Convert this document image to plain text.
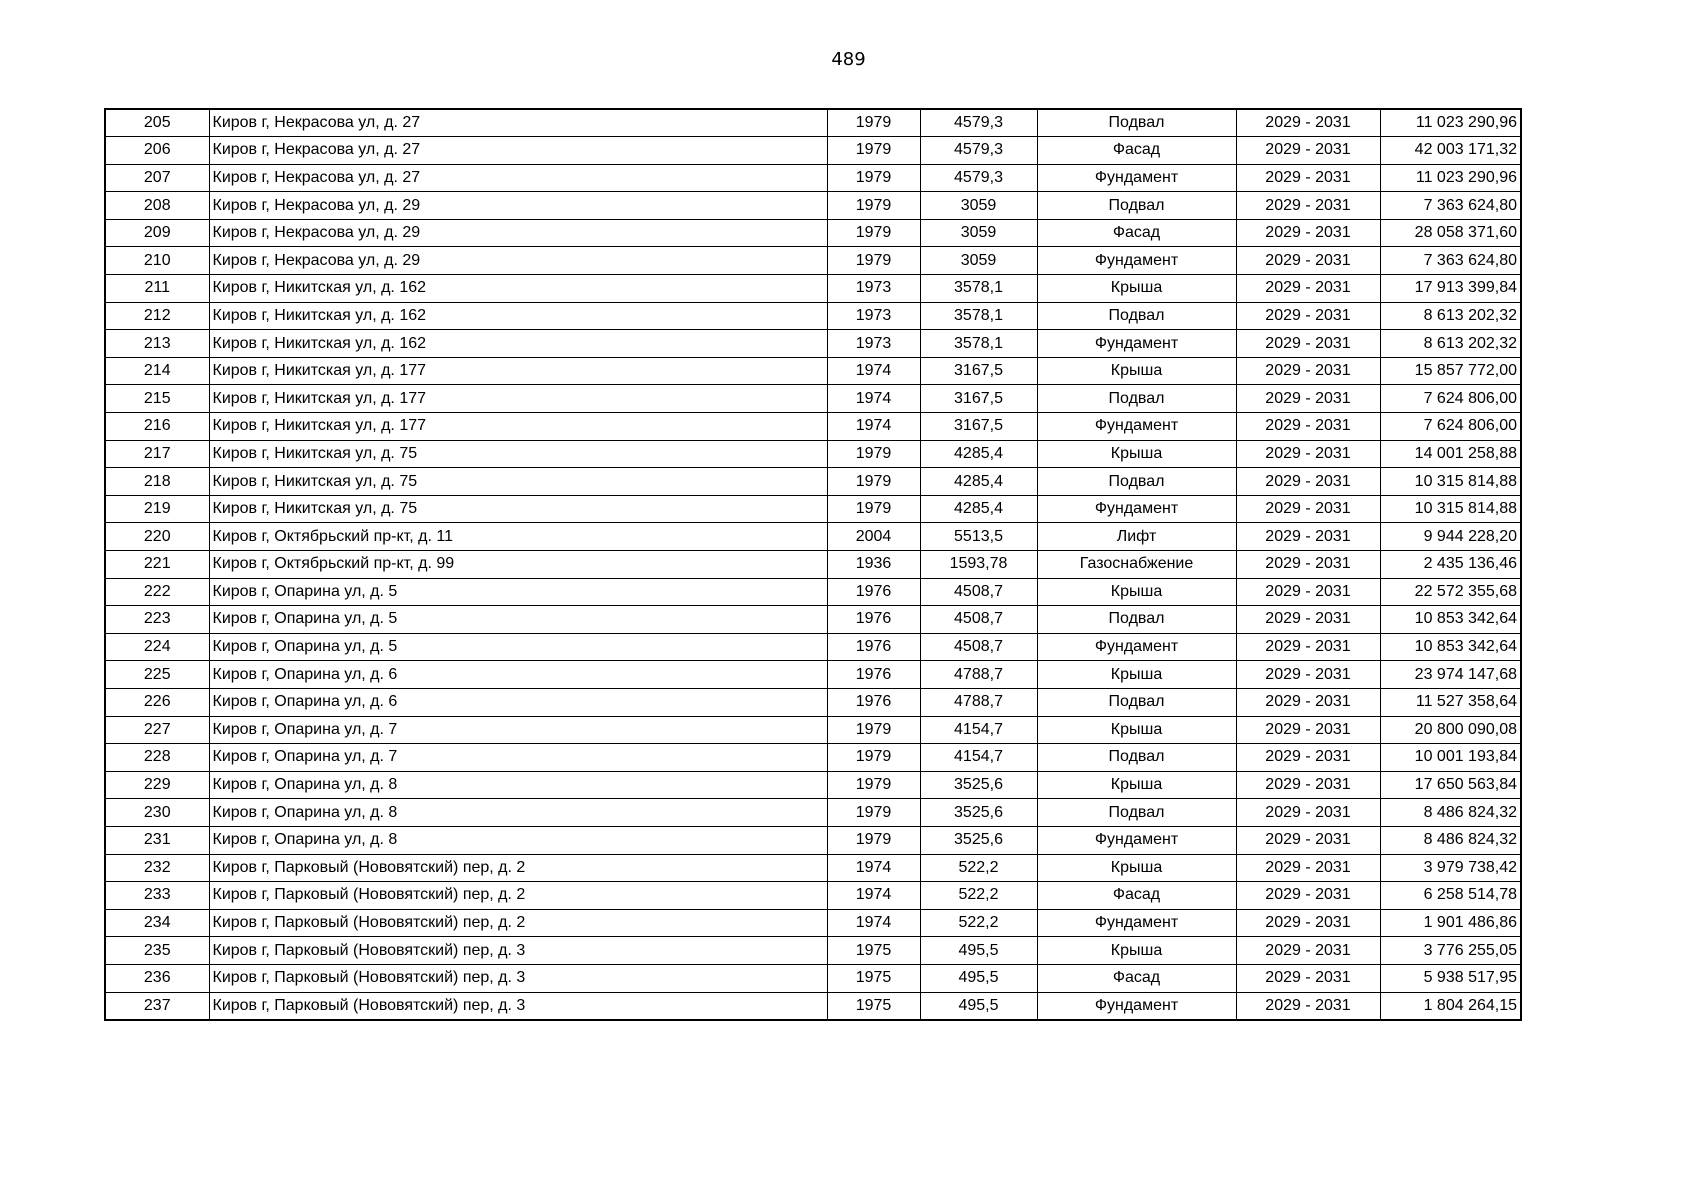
489
205	Киров г, Некрасова ул, д. 27	1979	4579,3	Подвал	2029 - 2031	11 023 290,96
206	Киров г, Некрасова ул, д. 27	1979	4579,3	Фасад	2029 - 2031	42 003 171,32
207	Киров г, Некрасова ул, д. 27	1979	4579,3	Фундамент	2029 - 2031	11 023 290,96
208	Киров г, Некрасова ул, д. 29	1979	3059	Подвал	2029 - 2031	7 363 624,80
209	Киров г, Некрасова ул, д. 29	1979	3059	Фасад	2029 - 2031	28 058 371,60
210	Киров г, Некрасова ул, д. 29	1979	3059	Фундамент	2029 - 2031	7 363 624,80
211	Киров г, Никитская ул, д. 162	1973	3578,1	Крыша	2029 - 2031	17 913 399,84
212	Киров г, Никитская ул, д. 162	1973	3578,1	Подвал	2029 - 2031	8 613 202,32
213	Киров г, Никитская ул, д. 162	1973	3578,1	Фундамент	2029 - 2031	8 613 202,32
214	Киров г, Никитская ул, д. 177	1974	3167,5	Крыша	2029 - 2031	15 857 772,00
215	Киров г, Никитская ул, д. 177	1974	3167,5	Подвал	2029 - 2031	7 624 806,00
216	Киров г, Никитская ул, д. 177	1974	3167,5	Фундамент	2029 - 2031	7 624 806,00
217	Киров г, Никитская ул, д. 75	1979	4285,4	Крыша	2029 - 2031	14 001 258,88
218	Киров г, Никитская ул, д. 75	1979	4285,4	Подвал	2029 - 2031	10 315 814,88
219	Киров г, Никитская ул, д. 75	1979	4285,4	Фундамент	2029 - 2031	10 315 814,88
220	Киров г, Октябрьский пр-кт, д. 11	2004	5513,5	Лифт	2029 - 2031	9 944 228,20
221	Киров г, Октябрьский пр-кт, д. 99	1936	1593,78	Газоснабжение	2029 - 2031	2 435 136,46
222	Киров г, Опарина ул, д. 5	1976	4508,7	Крыша	2029 - 2031	22 572 355,68
223	Киров г, Опарина ул, д. 5	1976	4508,7	Подвал	2029 - 2031	10 853 342,64
224	Киров г, Опарина ул, д. 5	1976	4508,7	Фундамент	2029 - 2031	10 853 342,64
225	Киров г, Опарина ул, д. 6	1976	4788,7	Крыша	2029 - 2031	23 974 147,68
226	Киров г, Опарина ул, д. 6	1976	4788,7	Подвал	2029 - 2031	11 527 358,64
227	Киров г, Опарина ул, д. 7	1979	4154,7	Крыша	2029 - 2031	20 800 090,08
228	Киров г, Опарина ул, д. 7	1979	4154,7	Подвал	2029 - 2031	10 001 193,84
229	Киров г, Опарина ул, д. 8	1979	3525,6	Крыша	2029 - 2031	17 650 563,84
230	Киров г, Опарина ул, д. 8	1979	3525,6	Подвал	2029 - 2031	8 486 824,32
231	Киров г, Опарина ул, д. 8	1979	3525,6	Фундамент	2029 - 2031	8 486 824,32
232	Киров г, Парковый (Нововятский) пер, д. 2	1974	522,2	Крыша	2029 - 2031	3 979 738,42
233	Киров г, Парковый (Нововятский) пер, д. 2	1974	522,2	Фасад	2029 - 2031	6 258 514,78
234	Киров г, Парковый (Нововятский) пер, д. 2	1974	522,2	Фундамент	2029 - 2031	1 901 486,86
235	Киров г, Парковый (Нововятский) пер, д. 3	1975	495,5	Крыша	2029 - 2031	3 776 255,05
236	Киров г, Парковый (Нововятский) пер, д. 3	1975	495,5	Фасад	2029 - 2031	5 938 517,95
237	Киров г, Парковый (Нововятский) пер, д. 3	1975	495,5	Фундамент	2029 - 2031	1 804 264,15
